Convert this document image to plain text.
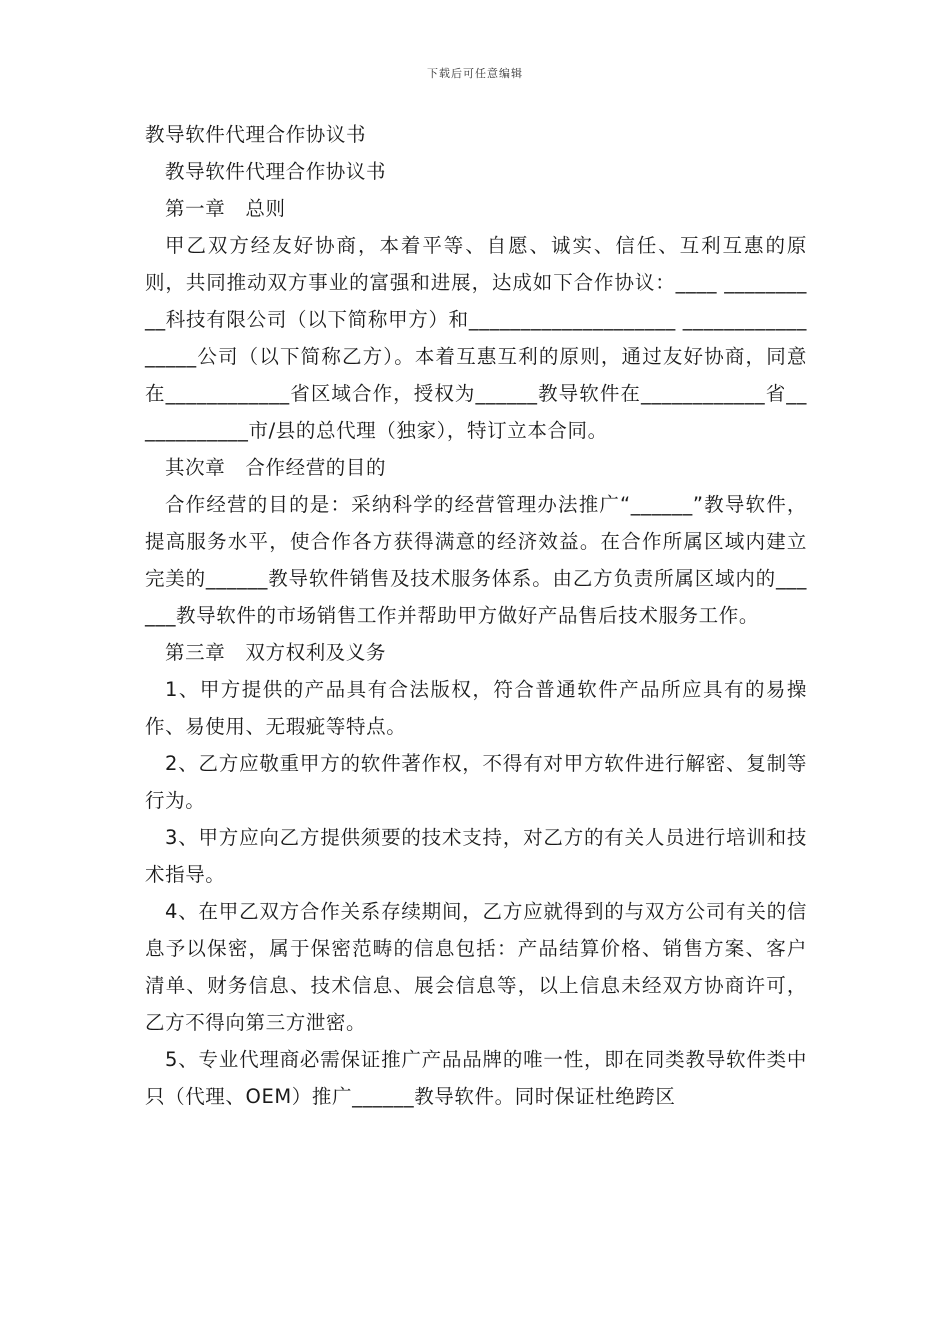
下载后可任意编辑

教导软件代理合作协议书

教导软件代理合作协议书

第一章　总则

甲乙双方经友好协商，本着平等、自愿、诚实、信任、互利互惠的原则，共同推动双方事业的富强和进展，达成如下合作协议：____ __________科技有限公司（以下简称甲方）和____________________ _________________公司（以下简称乙方）。本着互惠互利的原则，通过友好协商，同意在____________省区域合作，授权为______教导软件在____________省____________市/县的总代理（独家），特订立本合同。

其次章　合作经营的目的

合作经营的目的是：采纳科学的经营管理办法推广“______”教导软件，提高服务水平，使合作各方获得满意的经济效益。在合作所属区域内建立完美的______教导软件销售及技术服务体系。由乙方负责所属区域内的______教导软件的市场销售工作并帮助甲方做好产品售后技术服务工作。

第三章　双方权利及义务

1、甲方提供的产品具有合法版权，符合普通软件产品所应具有的易操作、易使用、无瑕疵等特点。

2、乙方应敬重甲方的软件著作权，不得有对甲方软件进行解密、复制等行为。

3、甲方应向乙方提供须要的技术支持，对乙方的有关人员进行培训和技术指导。

4、在甲乙双方合作关系存续期间，乙方应就得到的与双方公司有关的信息予以保密，属于保密范畴的信息包括：产品结算价格、销售方案、客户清单、财务信息、技术信息、展会信息等，以上信息未经双方协商许可，乙方不得向第三方泄密。

5、专业代理商必需保证推广产品品牌的唯一性，即在同类教导软件类中只（代理、OEM）推广______教导软件。同时保证杜绝跨区
